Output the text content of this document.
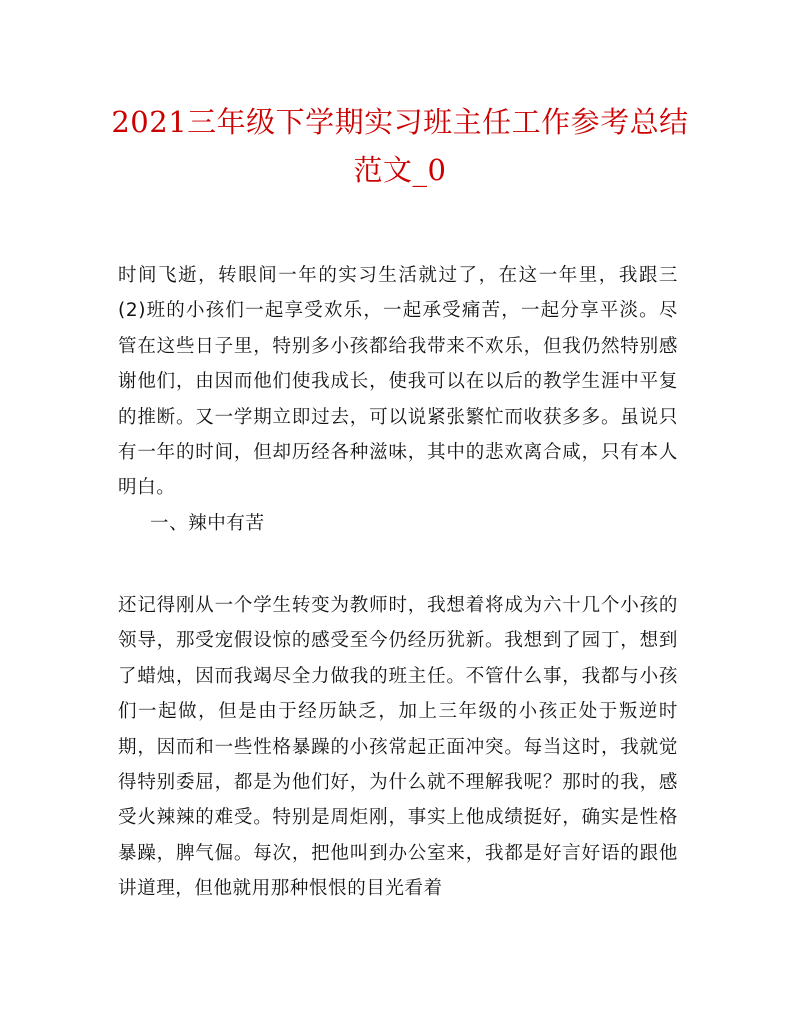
2021三年级下学期实习班主任工作参考总结范文_0
时间飞逝，转眼间一年的实习生活就过了，在这一年里，我跟三(2)班的小孩们一起享受欢乐，一起承受痛苦，一起分享平淡。尽管在这些日子里，特别多小孩都给我带来不欢乐，但我仍然特别感谢他们，由因而他们使我成长，使我可以在以后的教学生涯中平复的推断。又一学期立即过去，可以说紧张繁忙而收获多多。虽说只有一年的时间，但却历经各种滋味，其中的悲欢离合咸，只有本人明白。
一、辣中有苦
还记得刚从一个学生转变为教师时，我想着将成为六十几个小孩的领导，那受宠假设惊的感受至今仍经历犹新。我想到了园丁，想到了蜡烛，因而我竭尽全力做我的班主任。不管什么事，我都与小孩们一起做，但是由于经历缺乏，加上三年级的小孩正处于叛逆时期，因而和一些性格暴躁的小孩常起正面冲突。每当这时，我就觉得特别委屈，都是为他们好，为什么就不理解我呢？那时的我，感受火辣辣的难受。特别是周炬刚，事实上他成绩挺好，确实是性格暴躁，脾气倔。每次，把他叫到办公室来，我都是好言好语的跟他讲道理，但他就用那种恨恨的目光看着
